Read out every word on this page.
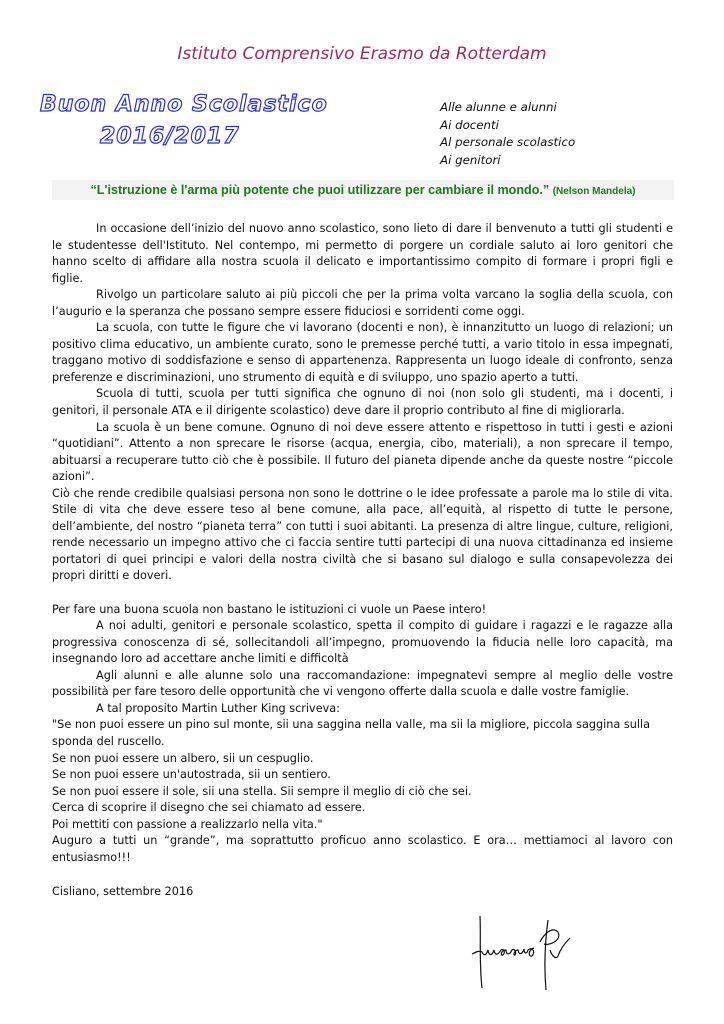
Istituto Comprensivo Erasmo da Rotterdam
Buon Anno Scolastico
2016/2017
Alle alunne e alunni
Ai docenti
Al personale scolastico
Ai genitori
“L'istruzione è l'arma più potente che puoi utilizzare per cambiare il mondo.” (Nelson Mandela)

In occasione dell’inizio del nuovo anno scolastico, sono lieto di dare il benvenuto a tutti gli studenti e le studentesse dell'Istituto. Nel contempo, mi permetto di porgere un cordiale saluto ai loro genitori che hanno scelto di affidare alla nostra scuola il delicato e importantissimo compito di formare i propri figli e figlie.

Rivolgo un particolare saluto ai più piccoli che per la prima volta varcano la soglia della scuola, con l’augurio e la speranza che possano sempre essere fiduciosi e sorridenti come oggi.

La scuola, con tutte le figure che vi lavorano (docenti e non), è innanzitutto un luogo di relazioni; un positivo clima educativo, un ambiente curato, sono le premesse perché tutti, a vario titolo in essa impegnati, traggano motivo di soddisfazione e senso di appartenenza. Rappresenta un luogo ideale di confronto, senza preferenze e discriminazioni, uno strumento di equità e di sviluppo, uno spazio aperto a tutti.

Scuola di tutti, scuola per tutti significa che ognuno di noi (non solo gli studenti, ma i docenti, i genitori, il personale ATA e il dirigente scolastico) deve dare il proprio contributo al fine di migliorarla.

La scuola è un bene comune. Ognuno di noi deve essere attento e rispettoso in tutti i gesti e azioni “quotidiani”. Attento a non sprecare le risorse (acqua, energia, cibo, materiali), a non sprecare il tempo, abituarsi a recuperare tutto ciò che è possibile. Il futuro del pianeta dipende anche da queste nostre “piccole azioni”.

Ciò che rende credibile qualsiasi persona non sono le dottrine o le idee professate a parole ma lo stile di vita. Stile di vita che deve essere teso al bene comune, alla pace, all’equità, al rispetto di tutte le persone, dell’ambiente, del nostro “pianeta terra” con tutti i suoi abitanti. La presenza di altre lingue, culture, religioni, rende necessario un impegno attivo che ci faccia sentire tutti partecipi di una nuova cittadinanza ed insieme portatori di quei principi e valori della nostra civiltà che si basano sul dialogo e sulla consapevolezza dei propri diritti e doveri.

Per fare una buona scuola non bastano le istituzioni ci vuole un Paese intero!

A noi adulti, genitori e personale scolastico, spetta il compito di guidare i ragazzi e le ragazze alla progressiva conoscenza di sé, sollecitandoli all’impegno, promuovendo la fiducia nelle loro capacità, ma insegnando loro ad accettare anche limiti e difficoltà

Agli alunni e alle alunne solo una raccomandazione: impegnatevi sempre al meglio delle vostre possibilità per fare tesoro delle opportunità che vi vengono offerte dalla scuola e dalle vostre famiglie.

A tal proposito Martin Luther King scriveva:

"Se non puoi essere un pino sul monte, sii una saggina nella valle, ma sii la migliore, piccola saggina sulla sponda del ruscello.

Se non puoi essere un albero, sii un cespuglio.

Se non puoi essere un'autostrada, sii un sentiero.

Se non puoi essere il sole, sii una stella. Sii sempre il meglio di ciò che sei.

Cerca di scoprire il disegno che sei chiamato ad essere.

Poi mettiti con passione a realizzarlo nella vita."

Auguro a tutti un “grande”, ma soprattutto proficuo anno scolastico. E ora… mettiamoci al lavoro con entusiasmo!!!

Cisliano, settembre 2016
